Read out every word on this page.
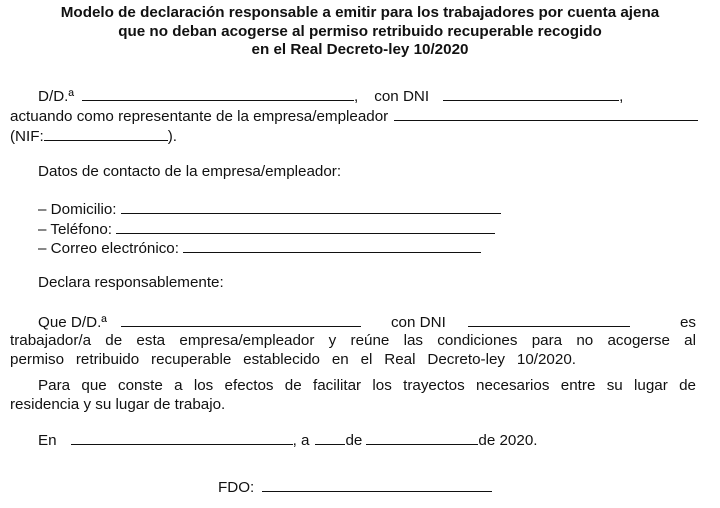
Modelo de declaración responsable a emitir para los trabajadores por cuenta ajena
que no deban acogerse al permiso retribuido recuperable recogido
en el Real Decreto-ley 10/2020
D/D.ª	, con DNI	,
actuando como representante de la empresa/empleador
(NIF:	).
Datos de contacto de la empresa/empleador:
– Domicilio:
– Teléfono:
– Correo electrónico:
Declara responsablemente:
Que D/D.ª	con DNI	es
trabajador/a de esta empresa/empleador y reúne las condiciones para no acogerse al
permiso retribuido recuperable establecido en el Real Decreto-ley 10/2020.
Para que conste a los efectos de facilitar los trayectos necesarios entre su lugar de
residencia y su lugar de trabajo.
En	, a de	de 2020.
FDO:
